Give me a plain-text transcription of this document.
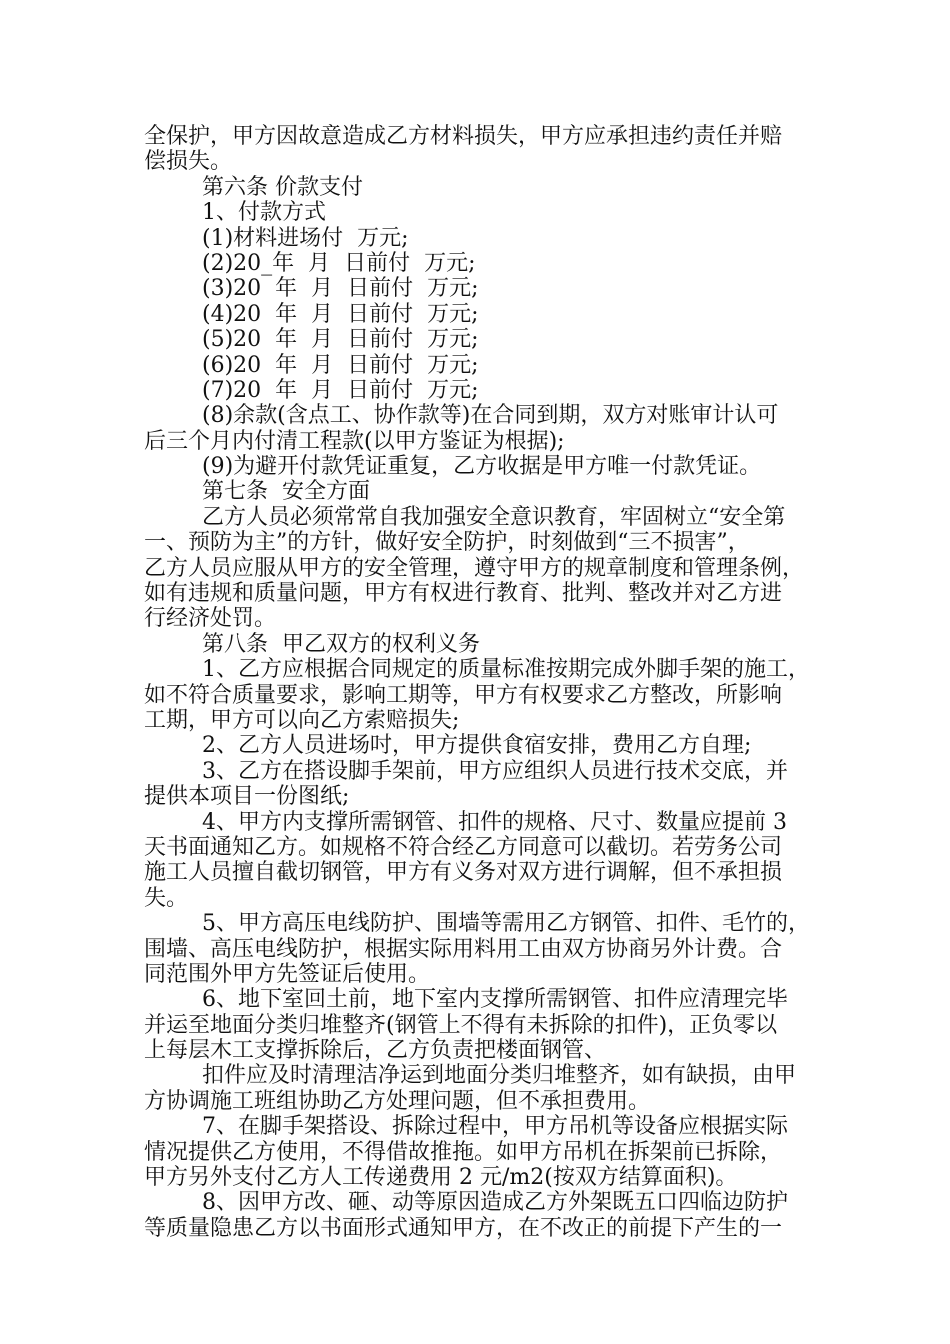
全保护，甲方因故意造成乙方材料损失，甲方应承担违约责任并赔
偿损失。
第六条 价款支付
1、付款方式
(1)材料进场付  万元;
(2)20_年  月  日前付  万元;
(3)20  年  月  日前付  万元;
(4)20  年  月  日前付  万元;
(5)20  年  月  日前付  万元;
(6)20  年  月  日前付  万元;
(7)20  年  月  日前付  万元;
(8)余款(含点工、协作款等)在合同到期，双方对账审计认可
后三个月内付清工程款(以甲方鉴证为根据);
(9)为避开付款凭证重复，乙方收据是甲方唯一付款凭证。
第七条  安全方面
乙方人员必须常常自我加强安全意识教育，牢固树立“安全第
一、预防为主”的方针，做好安全防护，时刻做到“三不损害”，
乙方人员应服从甲方的安全管理，遵守甲方的规章制度和管理条例，
如有违规和质量问题，甲方有权进行教育、批判、整改并对乙方进
行经济处罚。
第八条  甲乙双方的权利义务
1、乙方应根据合同规定的质量标准按期完成外脚手架的施工，
如不符合质量要求，影响工期等，甲方有权要求乙方整改，所影响
工期，甲方可以向乙方索赔损失;
2、乙方人员进场吋，甲方提供食宿安排，费用乙方自理;
3、乙方在搭设脚手架前，甲方应组织人员进行技术交底，并
提供本项目一份图纸;
4、甲方内支撑所需钢管、扣件的规格、尺寸、数量应提前 3
天书面通知乙方。如规格不符合经乙方同意可以截切。若劳务公司
施工人员擅自截切钢管，甲方有义务对双方进行调解，但不承担损
失。
5、甲方高压电线防护、围墙等需用乙方钢管、扣件、毛竹的，
围墙、高压电线防护，根据实际用料用工由双方协商另外计费。合
同范围外甲方先签证后使用。
6、地下室回土前，地下室内支撑所需钢管、扣件应清理完毕
并运至地面分类归堆整齐(钢管上不得有未拆除的扣件)，正负零以
上每层木工支撑拆除后，乙方负责把楼面钢管、
扣件应及时清理洁净运到地面分类归堆整齐，如有缺损，由甲
方协调施工班组协助乙方处理问题，但不承担费用。
7、在脚手架搭设、拆除过程中，甲方吊机等设备应根据实际
情况提供乙方使用，不得借故推拖。如甲方吊机在拆架前已拆除，
甲方另外支付乙方人工传递费用 2 元/m2(按双方结算面积)。
8、因甲方改、砸、动等原因造成乙方外架既五口四临边防护
等质量隐患乙方以书面形式通知甲方，在不改正的前提下产生的一
